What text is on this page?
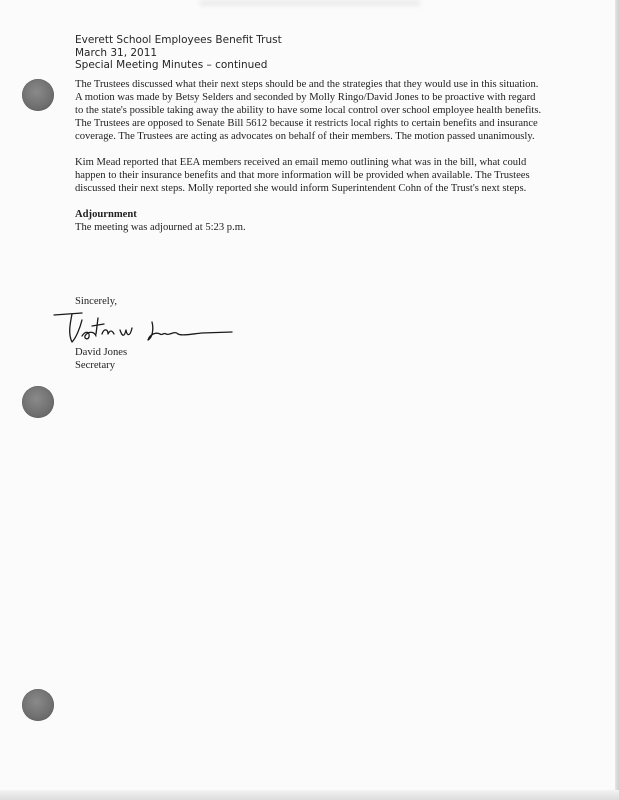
Everett School Employees Benefit Trust
March 31, 2011
Special Meeting Minutes – continued

The Trustees discussed what their next steps should be and the strategies that they would use in this situation. A motion was made by Betsy Selders and seconded by Molly Ringo/David Jones to be proactive with regard to the state's possible taking away the ability to have some local control over school employee health benefits. The Trustees are opposed to Senate Bill 5612 because it restricts local rights to certain benefits and insurance coverage. The Trustees are acting as advocates on behalf of their members. The motion passed unanimously.

Kim Mead reported that EEA members received an email memo outlining what was in the bill, what could happen to their insurance benefits and that more information will be provided when available. The Trustees discussed their next steps. Molly reported she would inform Superintendent Cohn of the Trust's next steps.

Adjournment

The meeting was adjourned at 5:23 p.m.

Sincerely,
David Jones
Secretary
